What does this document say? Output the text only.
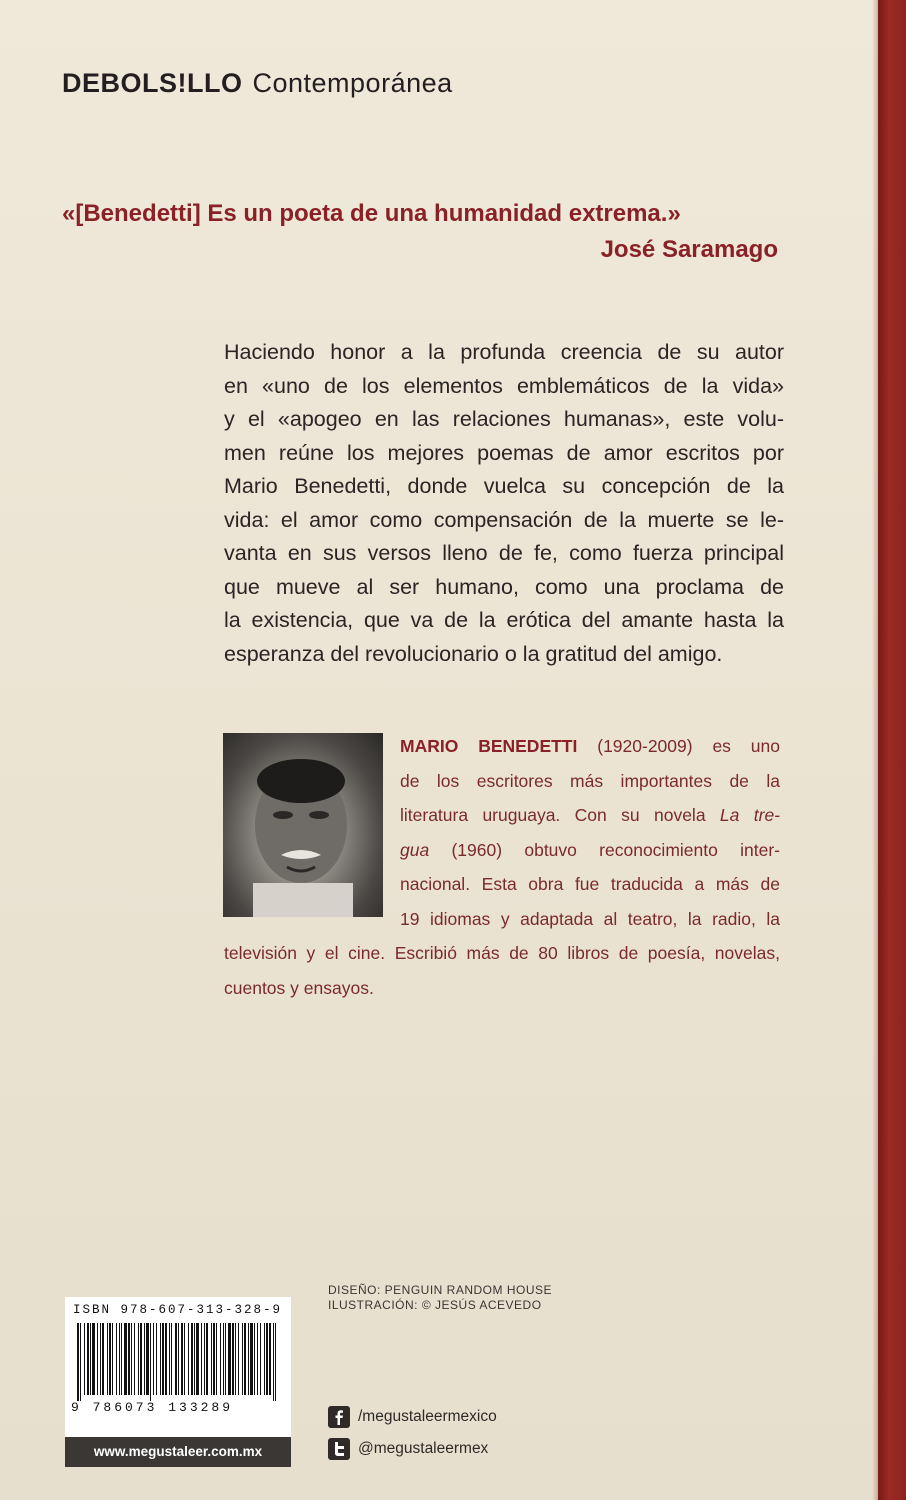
DEBOLS!LLO Contemporánea
«[Benedetti] Es un poeta de una humanidad extrema.»
José Saramago
Haciendo honor a la profunda creencia de su autor
en «uno de los elementos emblemáticos de la vida»
y el «apogeo en las relaciones humanas», este volu-
men reúne los mejores poemas de amor escritos por
Mario Benedetti, donde vuelca su concepción de la
vida: el amor como compensación de la muerte se le-
vanta en sus versos lleno de fe, como fuerza principal
que mueve al ser humano, como una proclama de
la existencia, que va de la erótica del amante hasta la
esperanza del revolucionario o la gratitud del amigo.
MARIO BENEDETTI (1920-2009) es uno
de los escritores más importantes de la
literatura uruguaya. Con su novela La tre-
gua (1960) obtuvo reconocimiento inter-
nacional. Esta obra fue traducida a más de
19 idiomas y adaptada al teatro, la radio, la
televisión y el cine. Escribió más de 80 libros de poesía, novelas,
cuentos y ensayos.
ISBN 978-607-313-328-9
9 786073 133289
www.megustaleer.com.mx
DISEÑO: PENGUIN RANDOM HOUSE
ILUSTRACIÓN: © JESÚS ACEVEDO
/megustaleermexico
@megustaleermex
